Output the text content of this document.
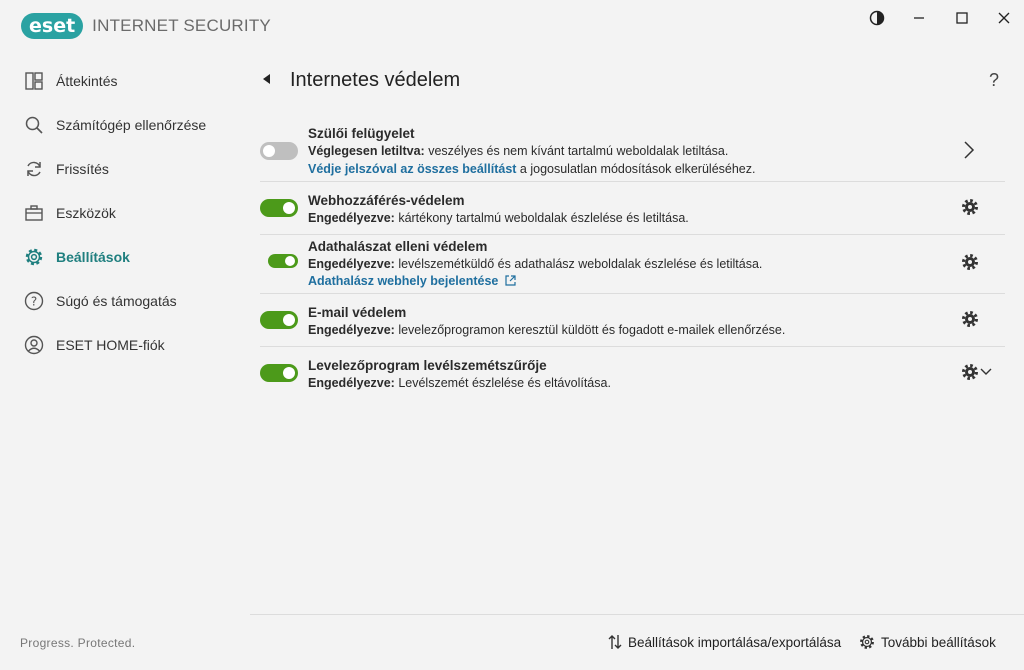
eset	INTERNET SECURITY
Áttekintés
Számítógép ellenőrzése
Frissítés
Eszközök
Beállítások
? Súgó és támogatás
ESET HOME-fiók
Progress. Protected.
Internetes védelem	?
Szülői felügyelet
Véglegesen letiltva: veszélyes és nem kívánt tartalmú weboldalak letiltása.
Védje jelszóval az összes beállítást a jogosulatlan módosítások elkerüléséhez.
Webhozzáférés-védelem
Engedélyezve: kártékony tartalmú weboldalak észlelése és letiltása.
Adathalászat elleni védelem
Engedélyezve: levélszemétküldő és adathalász weboldalak észlelése és letiltása.
Adathalász webhely bejelentése
E-mail védelem
Engedélyezve: levelezőprogramon keresztül küldött és fogadott e-mailek ellenőrzése.
Levelezőprogram levélszemétszűrője
Engedélyezve: Levélszemét észlelése és eltávolítása.
Beállítások importálása/exportálása	További beállítások
